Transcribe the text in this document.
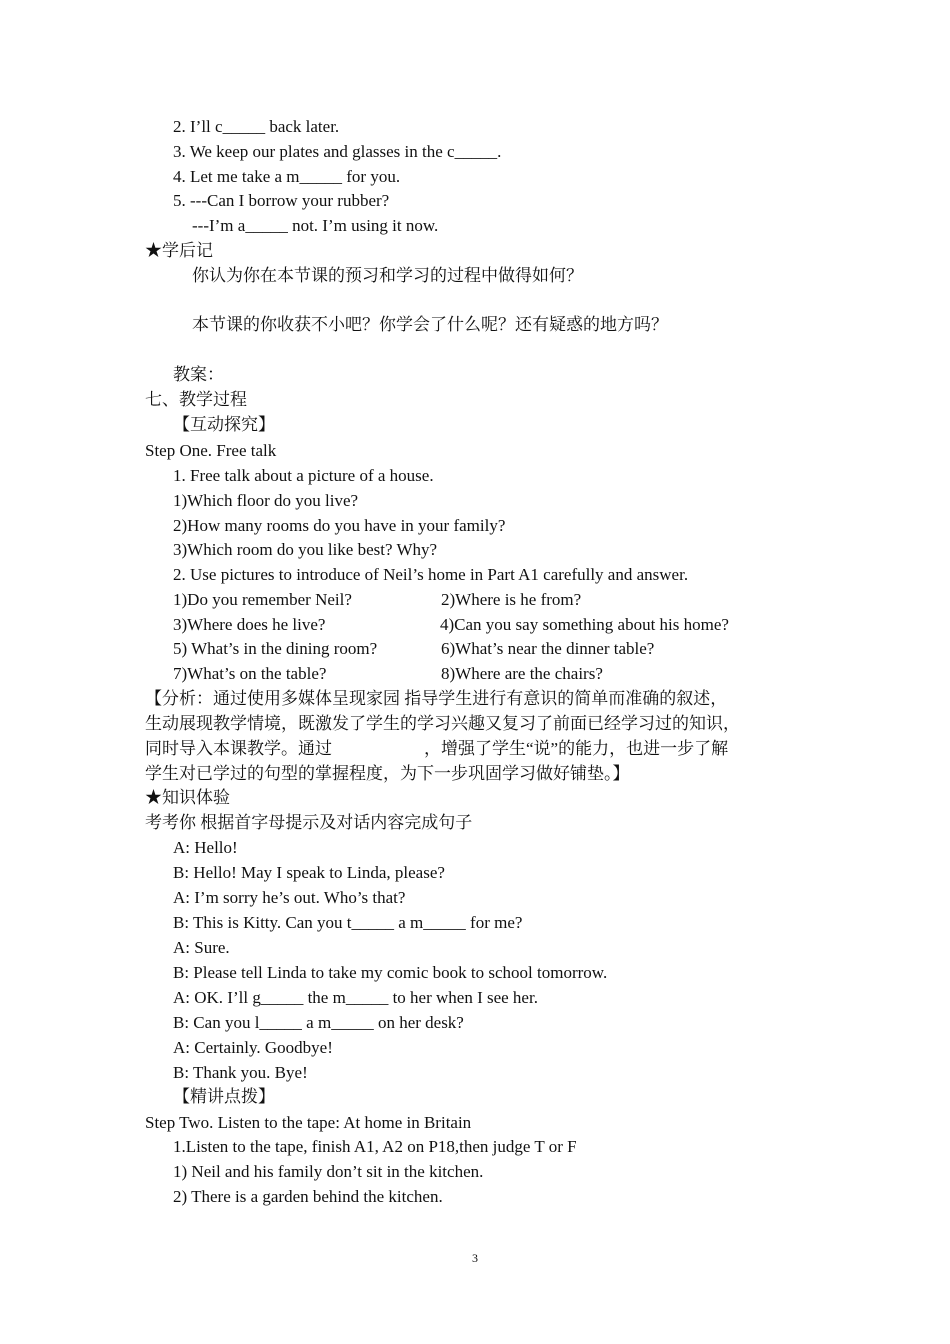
2. I’ll c_____ back later.
3. We keep our plates and glasses in the c_____.
4. Let me take a m_____ for you.
5. ---Can I borrow your rubber?
---I’m a_____ not. I’m using it now.
★学后记
你认为你在本节课的预习和学习的过程中做得如何？
本节课的你收获不小吧？你学会了什么呢？还有疑惑的地方吗？
教案：
七、教学过程
【互动探究】
Step One. Free talk
1. Free talk about a picture of a house.
1)Which floor do you live?
2)How many rooms do you have in your family?
3)Which room do you like best? Why?
2. Use pictures to introduce of Neil’s home in Part A1 carefully and answer.
1)Do you remember Neil?	2)Where is he from?
3)Where does he live?	4)Can you say something about his home?
5) What’s in the dining room?	6)What’s near the dinner table?
7)What’s on the table?	8)Where are the chairs?
【分析：通过使用多媒体呈现家园 指导学生进行有意识的简单而准确的叙述，
生动展现教学情境，既激发了学生的学习兴趣又复习了前面已经学习过的知识，
同时导入本课教学。通过	，增强了学生“说”的能力，也进一步了解
学生对已学过的句型的掌握程度，为下一步巩固学习做好铺垫。】
★知识体验
考考你 根据首字母提示及对话内容完成句子
A: Hello!
B: Hello! May I speak to Linda, please?
A: I’m sorry he’s out. Who’s that?
B: This is Kitty. Can you t_____ a m_____ for me?
A: Sure.
B: Please tell Linda to take my comic book to school tomorrow.
A: OK. I’ll g_____ the m_____ to her when I see her.
B: Can you l_____ a m_____ on her desk?
A: Certainly. Goodbye!
B: Thank you. Bye!
【精讲点拨】
Step Two. Listen to the tape: At home in Britain
1.Listen to the tape, finish A1, A2 on P18,then judge T or F
1) Neil and his family don’t sit in the kitchen.
2) There is a garden behind the kitchen.
3
